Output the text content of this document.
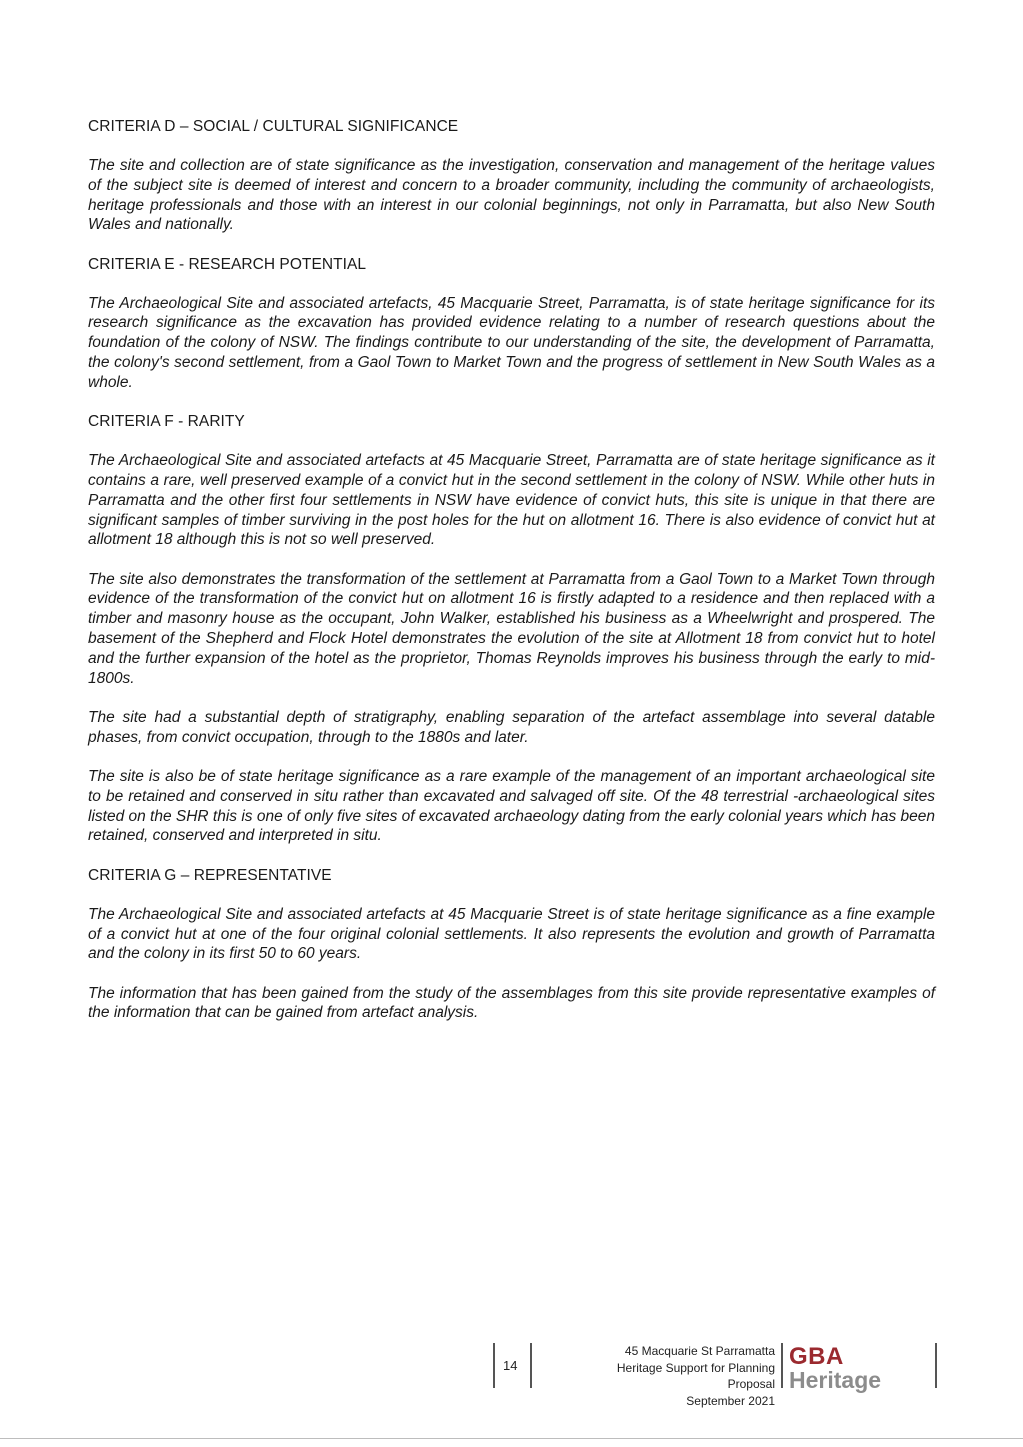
CRITERIA D – SOCIAL / CULTURAL SIGNIFICANCE

The site and collection are of state significance as the investigation, conservation and management of the heritage values of the subject site is deemed of interest and concern to a broader community, including the community of archaeologists, heritage professionals and those with an interest in our colonial beginnings, not only in Parramatta, but also New South Wales and nationally.

CRITERIA E - RESEARCH POTENTIAL

The Archaeological Site and associated artefacts, 45 Macquarie Street, Parramatta, is of state heritage significance for its research significance as the excavation has provided evidence relating to a number of research questions about the foundation of the colony of NSW. The findings contribute to our understanding of the site, the development of Parramatta, the colony's second settlement, from a Gaol Town to Market Town and the progress of settlement in New South Wales as a whole.

CRITERIA F - RARITY

The Archaeological Site and associated artefacts at 45 Macquarie Street, Parramatta are of state heritage significance as it contains a rare, well preserved example of a convict hut in the second settlement in the colony of NSW. While other huts in Parramatta and the other first four settlements in NSW have evidence of convict huts, this site is unique in that there are significant samples of timber surviving in the post holes for the hut on allotment 16. There is also evidence of convict hut at allotment 18 although this is not so well preserved.

The site also demonstrates the transformation of the settlement at Parramatta from a Gaol Town to a Market Town through evidence of the transformation of the convict hut on allotment 16 is firstly adapted to a residence and then replaced with a timber and masonry house as the occupant, John Walker, established his business as a Wheelwright and prospered. The basement of the Shepherd and Flock Hotel demonstrates the evolution of the site at Allotment 18 from convict hut to hotel and the further expansion of the hotel as the proprietor, Thomas Reynolds improves his business through the early to mid-1800s.

The site had a substantial depth of stratigraphy, enabling separation of the artefact assemblage into several datable phases, from convict occupation, through to the 1880s and later.

The site is also be of state heritage significance as a rare example of the management of an important archaeological site to be retained and conserved in situ rather than excavated and salvaged off site. Of the 48 terrestrial -archaeological sites listed on the SHR this is one of only five sites of excavated archaeology dating from the early colonial years which has been retained, conserved and interpreted in situ.

CRITERIA G – REPRESENTATIVE

The Archaeological Site and associated artefacts at 45 Macquarie Street is of state heritage significance as a fine example of a convict hut at one of the four original colonial settlements. It also represents the evolution and growth of Parramatta and the colony in its first 50 to 60 years.

The information that has been gained from the study of the assemblages from this site provide representative examples of the information that can be gained from artefact analysis.

14
45 Macquarie St Parramatta
Heritage Support for Planning
Proposal
September 2021
GBA
Heritage
